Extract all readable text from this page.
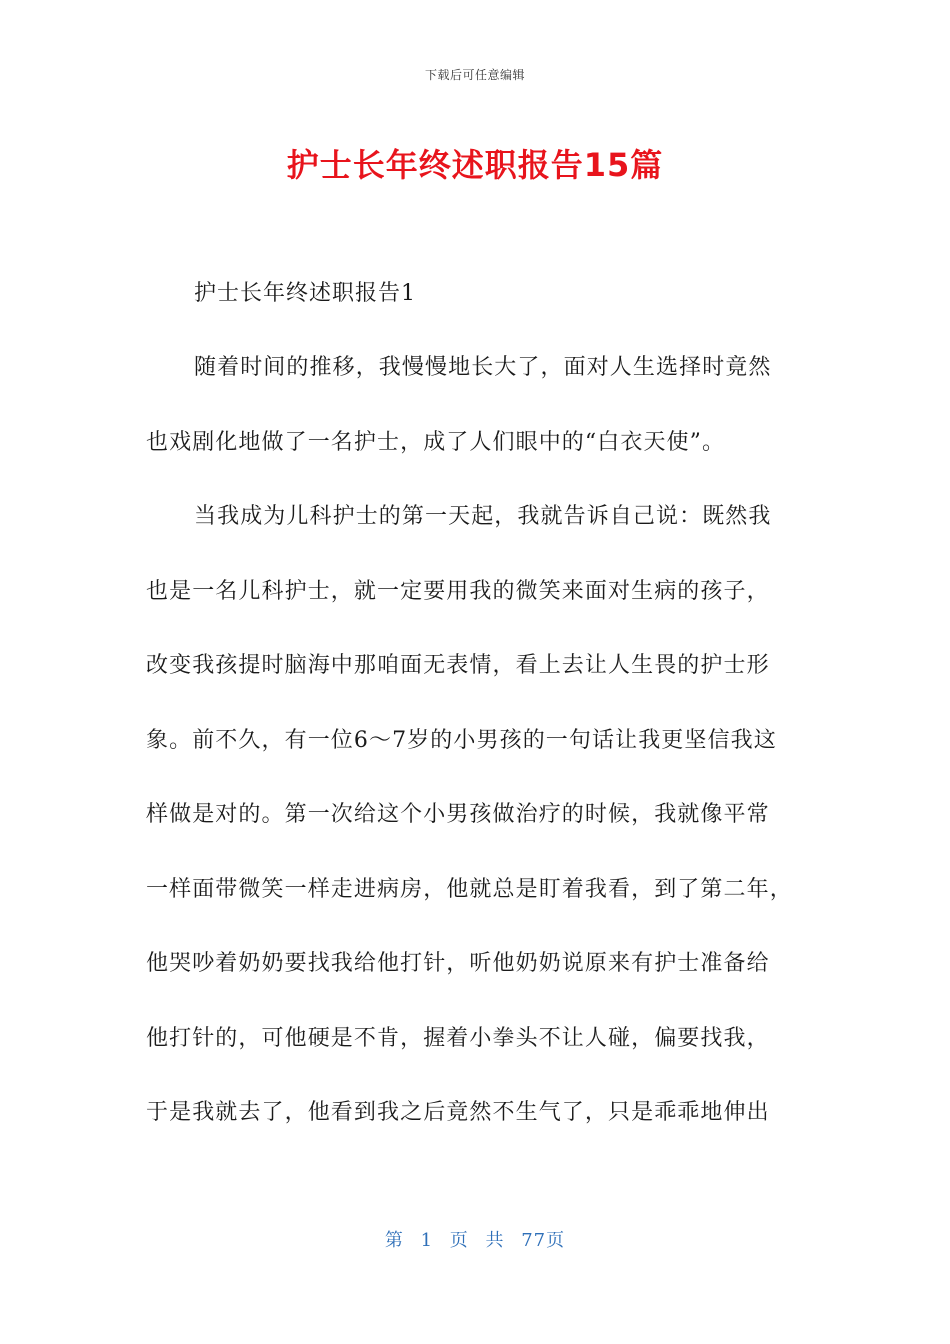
下载后可任意编辑
护士长年终述职报告15篇
护士长年终述职报告1
随着时间的推移，我慢慢地长大了，面对人生选择时竟然
也戏剧化地做了一名护士，成了人们眼中的“白衣天使”。
当我成为儿科护士的第一天起，我就告诉自己说：既然我
也是一名儿科护士，就一定要用我的微笑来面对生病的孩子，
改变我孩提时脑海中那咱面无表情，看上去让人生畏的护士形
象。前不久，有一位6～7岁的小男孩的一句话让我更坚信我这
样做是对的。第一次给这个小男孩做治疗的时候，我就像平常
一样面带微笑一样走进病房，他就总是盯着我看，到了第二年，
他哭吵着奶奶要找我给他打针，听他奶奶说原来有护士准备给
他打针的，可他硬是不肯，握着小拳头不让人碰，偏要找我，
于是我就去了，他看到我之后竟然不生气了，只是乖乖地伸出
第 1 页 共 77页
